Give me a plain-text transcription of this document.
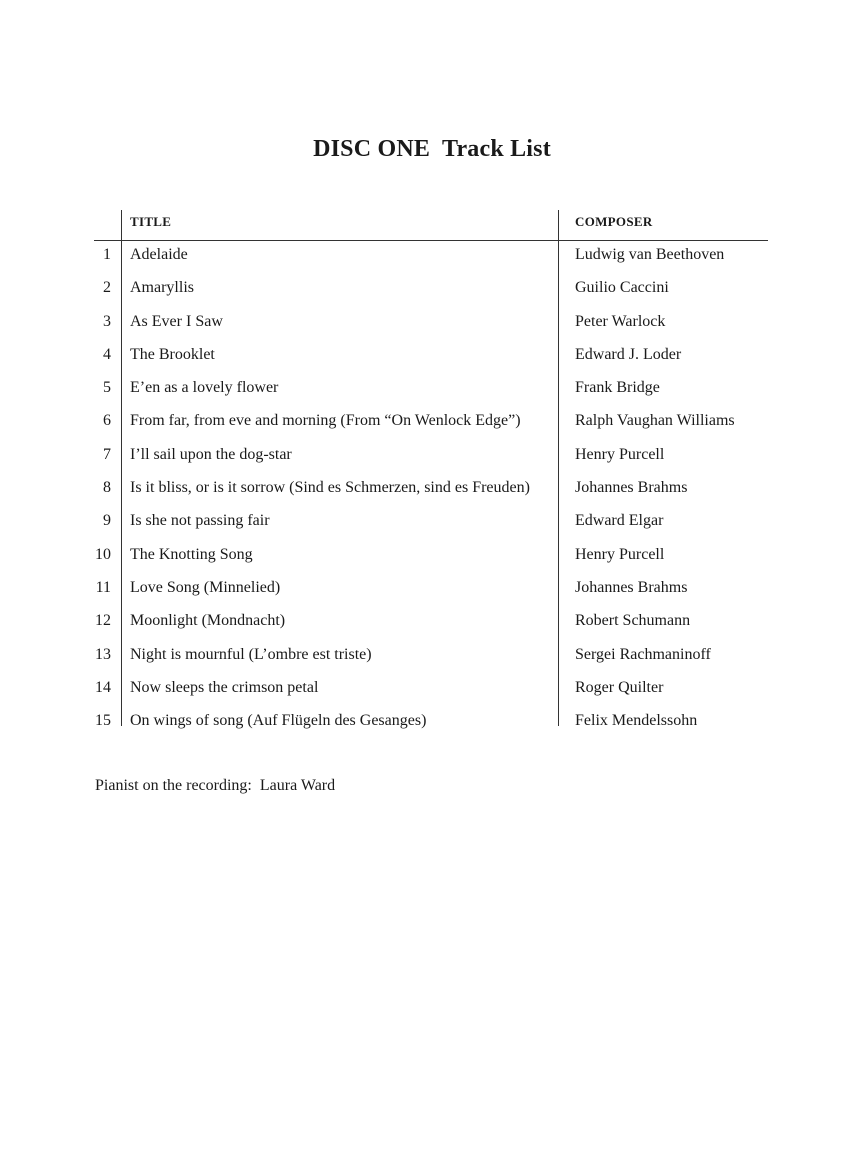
DISC ONE  Track List
TITLE	COMPOSER
1 Adelaide	Ludwig van Beethoven
2 Amaryllis	Guilio Caccini
3 As Ever I Saw	Peter Warlock
4 The Brooklet	Edward J. Loder
5 E’en as a lovely flower	Frank Bridge
6 From far, from eve and morning (From “On Wenlock Edge”)	Ralph Vaughan Williams
7 I’ll sail upon the dog-star	Henry Purcell
8 Is it bliss, or is it sorrow (Sind es Schmerzen, sind es Freuden)	Johannes Brahms
9 Is she not passing fair	Edward Elgar
10 The Knotting Song	Henry Purcell
11 Love Song (Minnelied)	Johannes Brahms
12 Moonlight (Mondnacht)	Robert Schumann
13 Night is mournful (L’ombre est triste)	Sergei Rachmaninoff
14 Now sleeps the crimson petal	Roger Quilter
15 On wings of song (Auf Flügeln des Gesanges)	Felix Mendelssohn
Pianist on the recording:  Laura Ward
